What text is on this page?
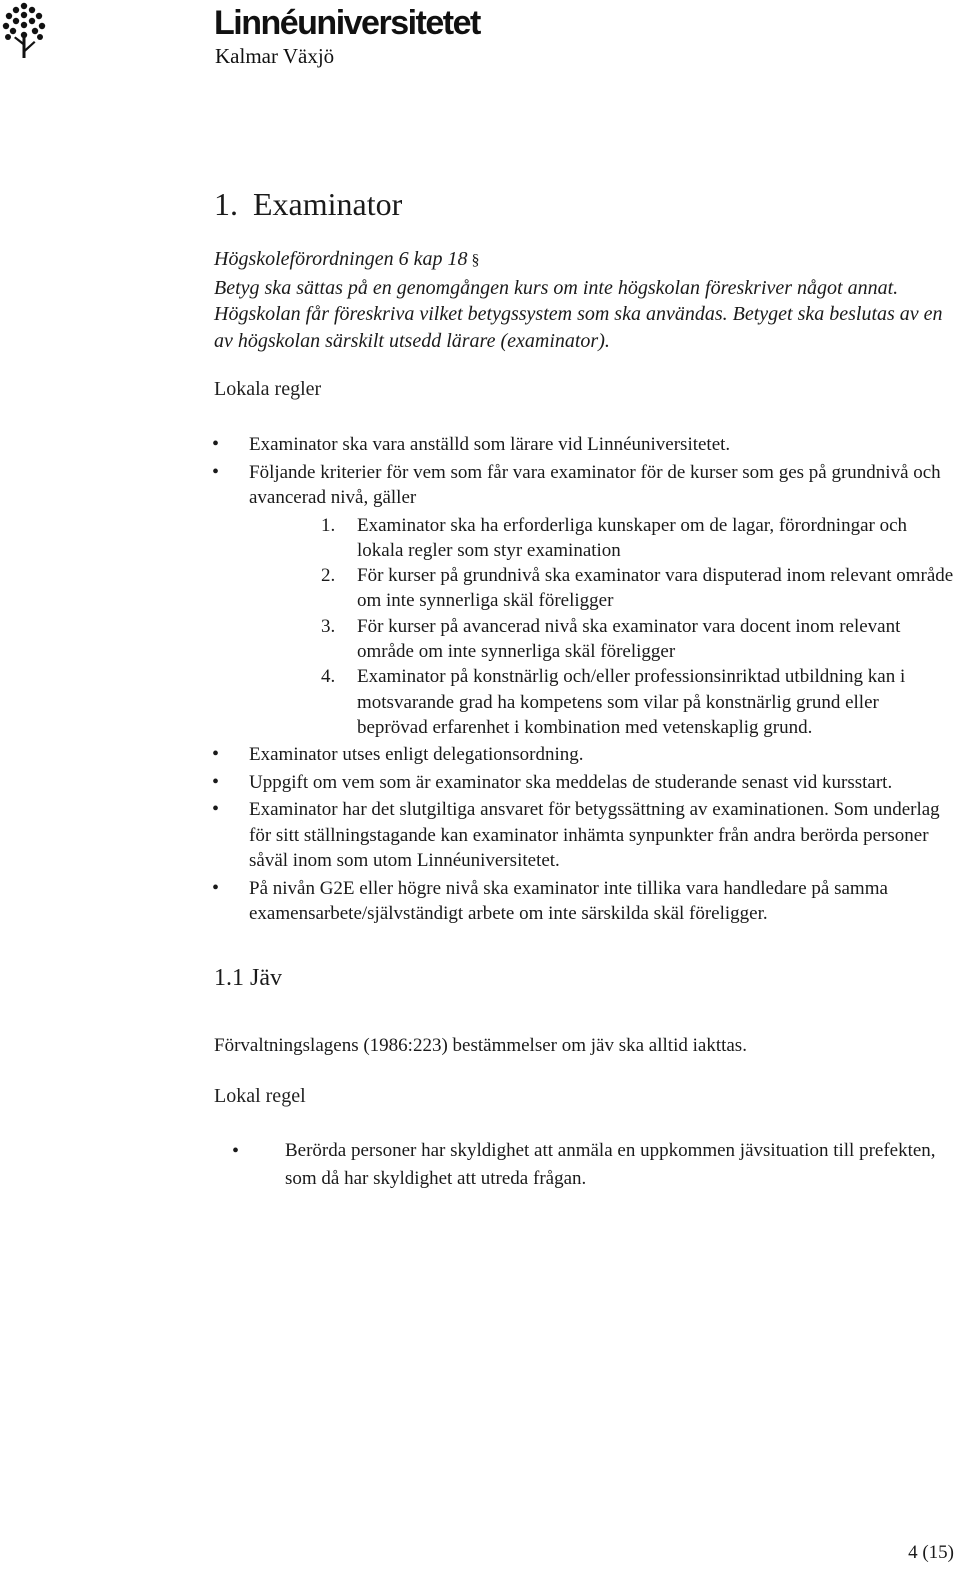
Linnéuniversitetet
Kalmar Växjö
1. Examinator
Högskoleförordningen 6 kap 18 §
Betyg ska sättas på en genomgången kurs om inte högskolan föreskriver något annat. Högskolan får föreskriva vilket betygssystem som ska användas. Betyget ska beslutas av en av högskolan särskilt utsedd lärare (examinator).
Lokala regler
• Examinator ska vara anställd som lärare vid Linnéuniversitetet.
• Följande kriterier för vem som får vara examinator för de kurser som ges på grundnivå och avancerad nivå, gäller
1. Examinator ska ha erforderliga kunskaper om de lagar, förordningar och lokala regler som styr examination
2. För kurser på grundnivå ska examinator vara disputerad inom relevant område om inte synnerliga skäl föreligger
3. För kurser på avancerad nivå ska examinator vara docent inom relevant område om inte synnerliga skäl föreligger
4. Examinator på konstnärlig och/eller professionsinriktad utbildning kan i motsvarande grad ha kompetens som vilar på konstnärlig grund eller beprövad erfarenhet i kombination med vetenskaplig grund.
• Examinator utses enligt delegationsordning.
• Uppgift om vem som är examinator ska meddelas de studerande senast vid kursstart.
• Examinator har det slutgiltiga ansvaret för betygssättning av examinationen. Som underlag för sitt ställningstagande kan examinator inhämta synpunkter från andra berörda personer såväl inom som utom Linnéuniversitetet.
• På nivån G2E eller högre nivå ska examinator inte tillika vara handledare på samma examensarbete/självständigt arbete om inte särskilda skäl föreligger.
1.1 Jäv
Förvaltningslagens (1986:223) bestämmelser om jäv ska alltid iakttas.
Lokal regel
• Berörda personer har skyldighet att anmäla en uppkommen jävsituation till prefekten, som då har skyldighet att utreda frågan.
4 (15)
